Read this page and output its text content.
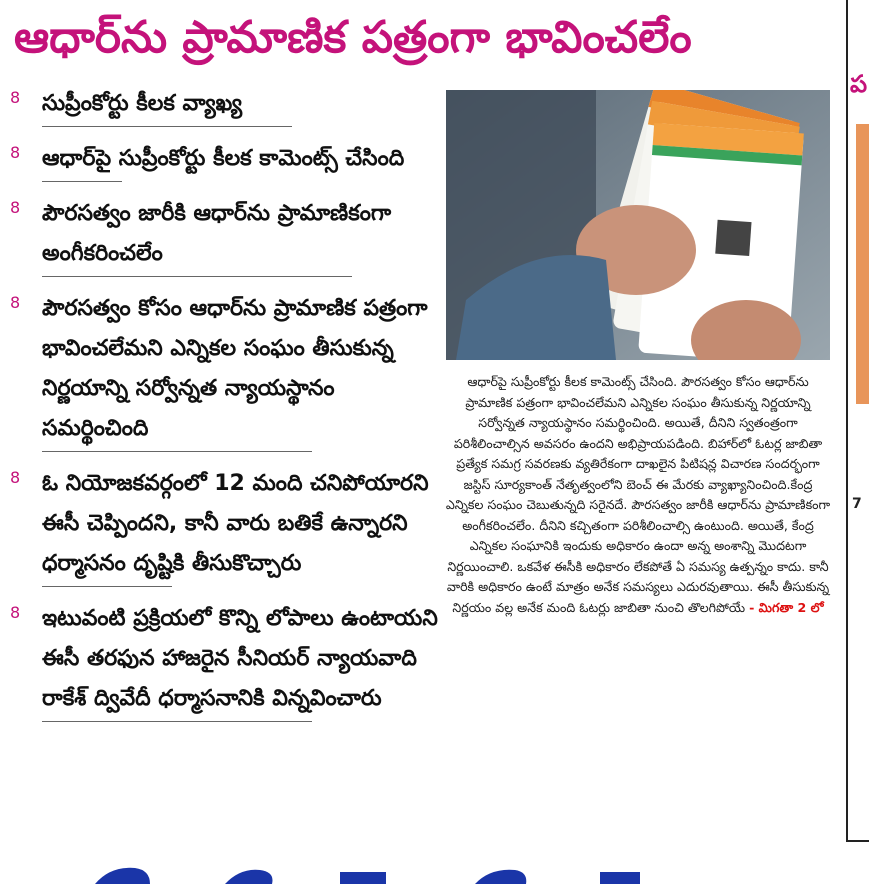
ఆధార్‌ను ప్రామాణిక పత్రంగా భావించలేం
8 సుప్రీంకోర్టు కీలక వ్యాఖ్య
8 ఆధార్‌పై సుప్రీంకోర్టు కీలక కామెంట్స్ చేసింది
8 పౌరసత్వం జారీకి ఆధార్‌ను ప్రామాణికంగా అంగీకరించలేం
8 పౌరసత్వం కోసం ఆధార్‌ను ప్రామాణిక పత్రంగా భావించలేమని ఎన్నికల సంఘం తీసుకున్న నిర్ణయాన్ని సర్వోన్నత న్యాయస్థానం సమర్థించింది
8 ఓ నియోజకవర్గంలో 12 మంది చనిపోయారని ఈసీ చెప్పిందని, కానీ వారు బతికే ఉన్నారని ధర్మాసనం దృష్టికి తీసుకొచ్చారు
8 ఇటువంటి ప్రక్రియలో కొన్ని లోపాలు ఉంటాయని ఈసీ తరఫున హాజరైన సీనియర్ న్యాయవాది రాకేశ్ ద్వివేదీ ధర్మాసనానికి విన్నవించారు
ఆధార్‌పై సుప్రీంకోర్టు కీలక కామెంట్స్ చేసింది. పౌరసత్వం కోసం ఆధార్‌ను ప్రామాణిక పత్రంగా భావించలేమని ఎన్నికల సంఘం తీసుకున్న నిర్ణయాన్ని సర్వోన్నత న్యాయస్థానం సమర్థించింది. అయితే, దీనిని స్వతంత్రంగా పరిశీలించాల్సిన అవసరం ఉందని అభిప్రాయపడింది. బిహార్‌లో ఓటర్ల జాబితా ప్రత్యేక సమగ్ర సవరణకు వ్యతిరేకంగా దాఖలైన పిటిషన్ల విచారణ సందర్భంగా జస్టిస్ సూర్యకాంత్ నేతృత్వంలోని బెంచ్ ఈ మేరకు వ్యాఖ్యానించింది.కేంద్ర ఎన్నికల సంఘం చెబుతున్నది సరైనదే. పౌరసత్వం జారీకి ఆధార్‌ను ప్రామాణికంగా అంగీకరించలేం. దీనిని కచ్చితంగా పరిశీలించాల్సి ఉంటుంది. అయితే, కేంద్ర ఎన్నికల సంఘానికి ఇందుకు అధికారం ఉందా అన్న అంశాన్ని మొదటగా నిర్ణయించాలి. ఒకవేళ ఈసీకి అధికారం లేకపోతే ఏ సమస్య ఉత్పన్నం కాదు. కానీ వారికి అధికారం ఉంటే మాత్రం అనేక సమస్యలు ఎదురవుతాయి. ఈసీ తీసుకున్న నిర్ణయం వల్ల అనేక మంది ఓటర్లు జాబితా నుంచి తొలగిపోయే - మిగతా 2 లో
ప
7
